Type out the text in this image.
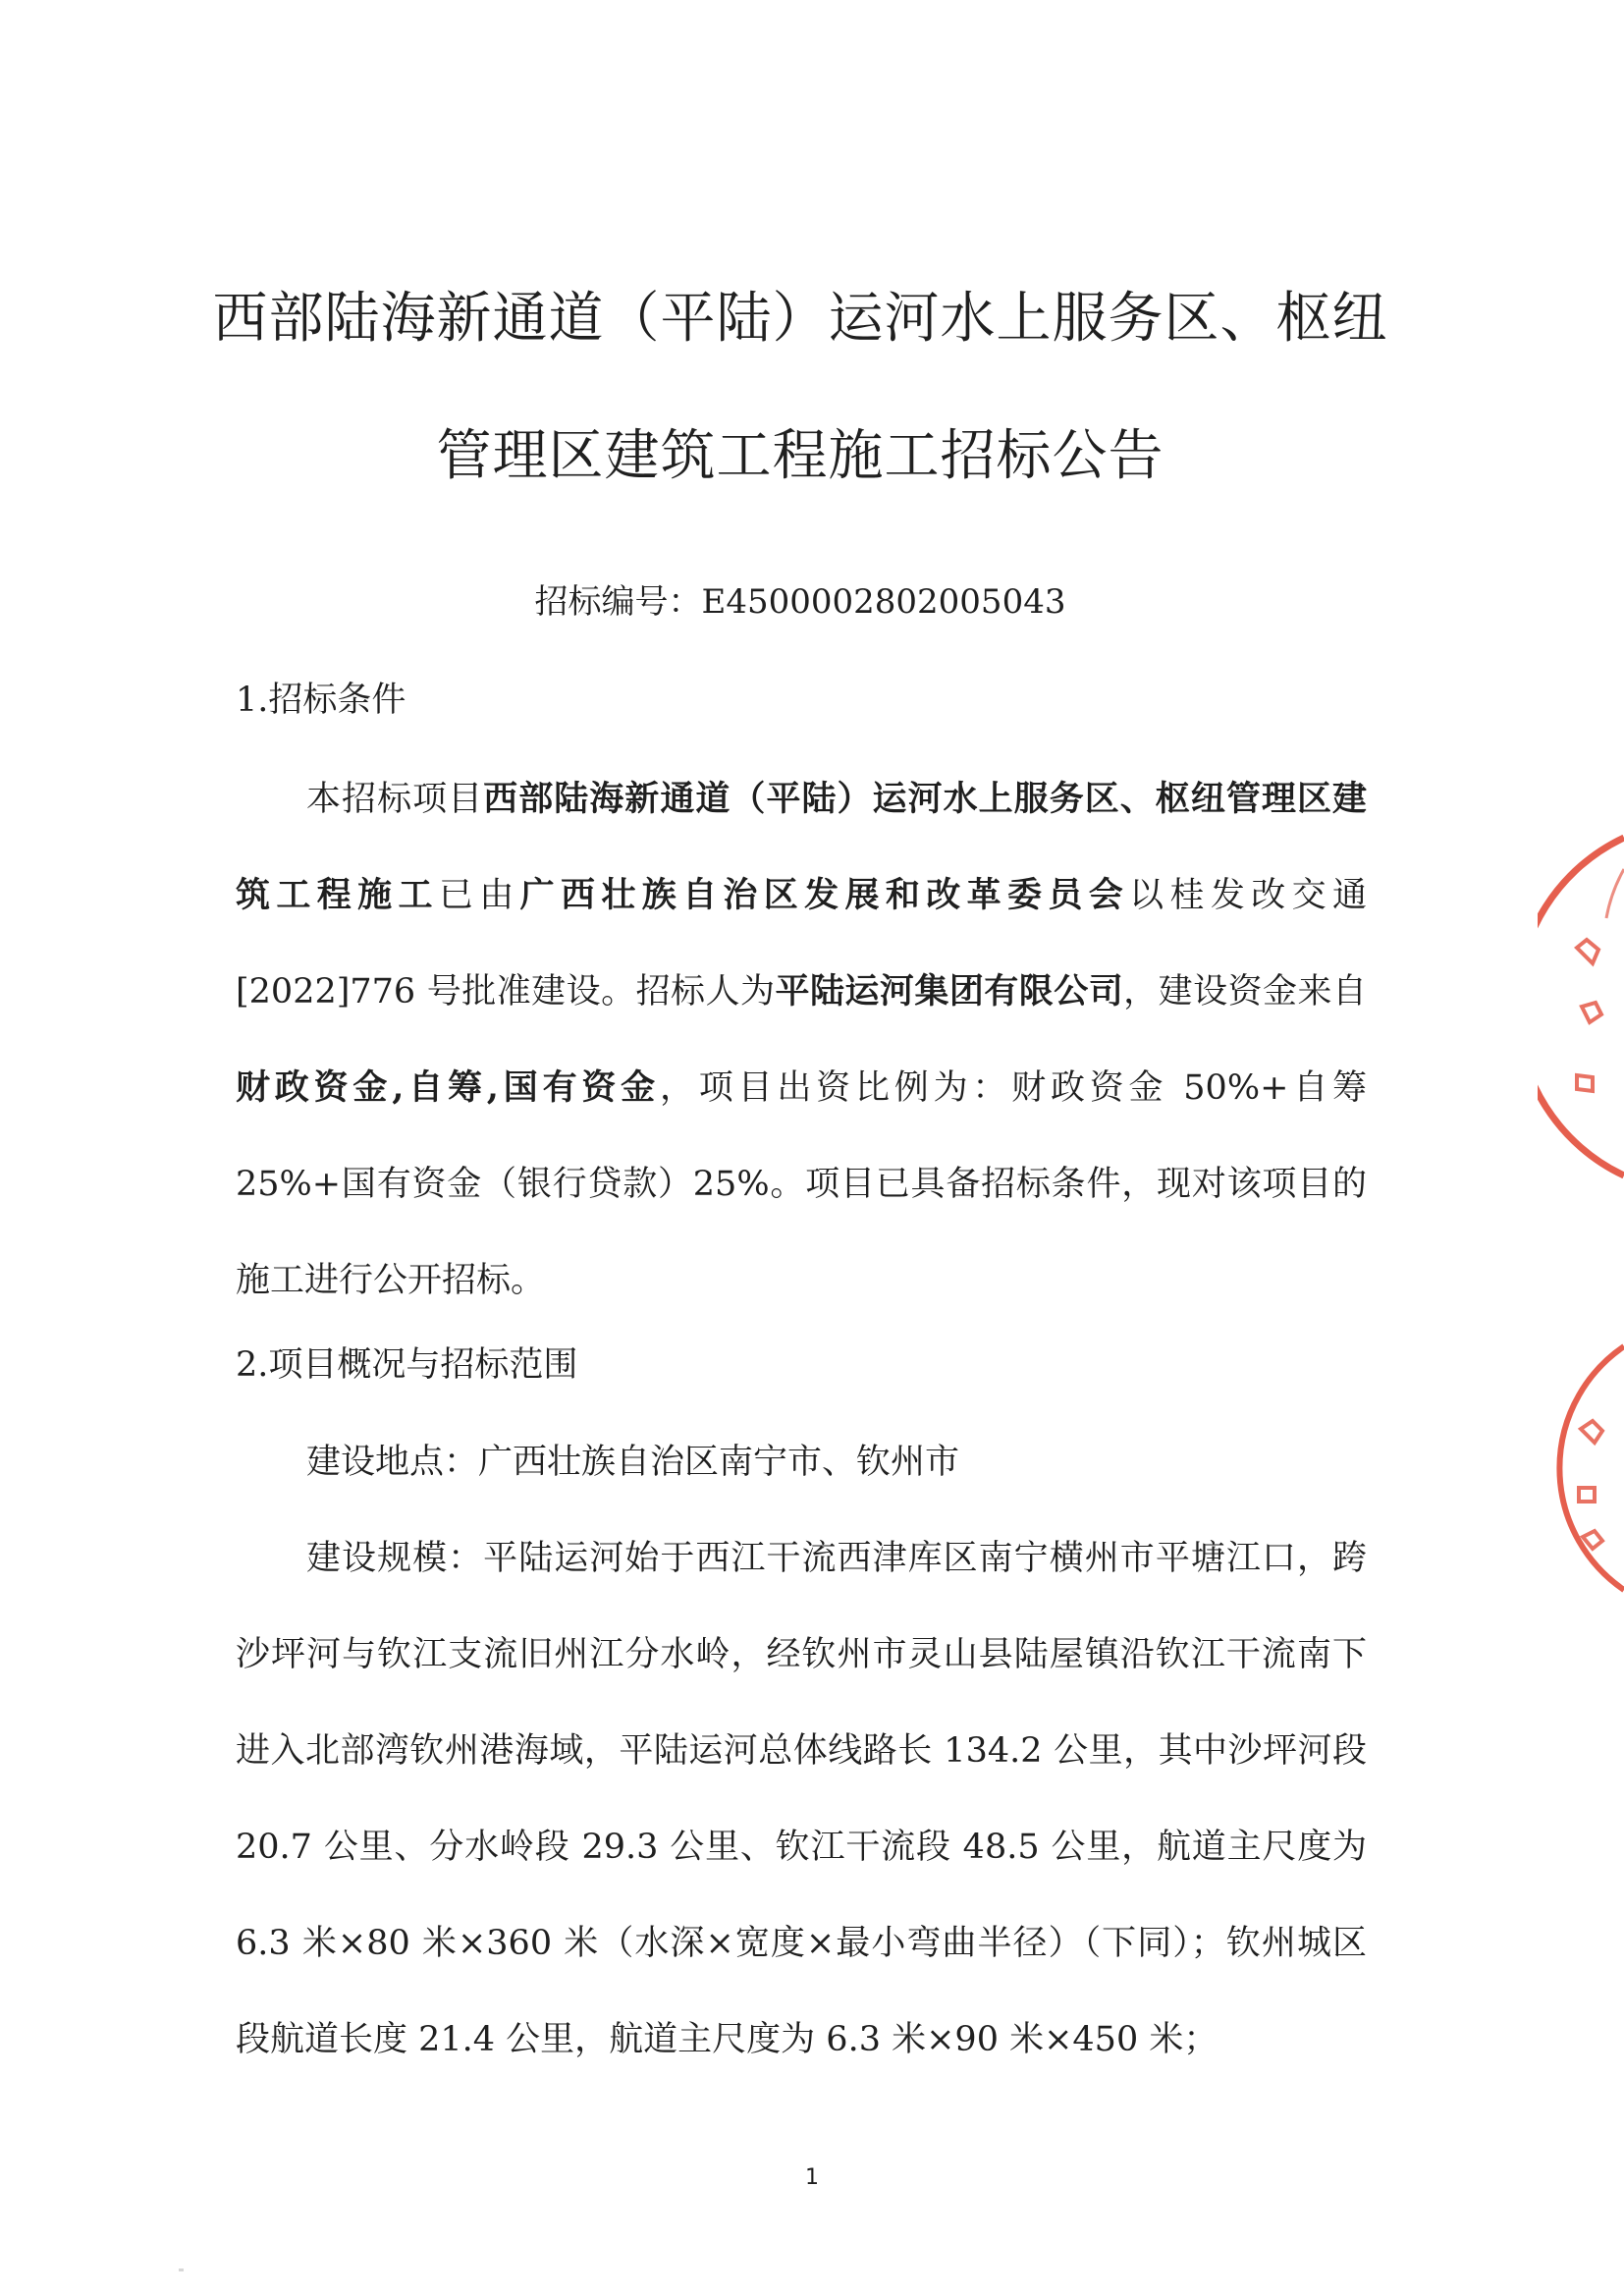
西部陆海新通道（平陆）运河水上服务区、枢纽
管理区建筑工程施工招标公告
招标编号：E4500002802005043
1.招标条件
本招标项目西部陆海新通道（平陆）运河水上服务区、枢纽管理区建筑工程施工已由广西壮族自治区发展和改革委员会以桂发改交通[2022]776 号批准建设。招标人为平陆运河集团有限公司，建设资金来自财政资金,自筹,国有资金，项目出资比例为：财政资金 50%+自筹 25%+国有资金（银行贷款）25%。项目已具备招标条件，现对该项目的施工进行公开招标。
2.项目概况与招标范围
建设地点：广西壮族自治区南宁市、钦州市
建设规模：平陆运河始于西江干流西津库区南宁横州市平塘江口，跨沙坪河与钦江支流旧州江分水岭，经钦州市灵山县陆屋镇沿钦江干流南下进入北部湾钦州港海域，平陆运河总体线路长 134.2 公里，其中沙坪河段 20.7 公里、分水岭段 29.3 公里、钦江干流段 48.5 公里，航道主尺度为 6.3 米×80 米×360 米（水深×宽度×最小弯曲半径）（下同）；钦州城区段航道长度 21.4 公里，航道主尺度为 6.3 米×90 米×450 米；
1
